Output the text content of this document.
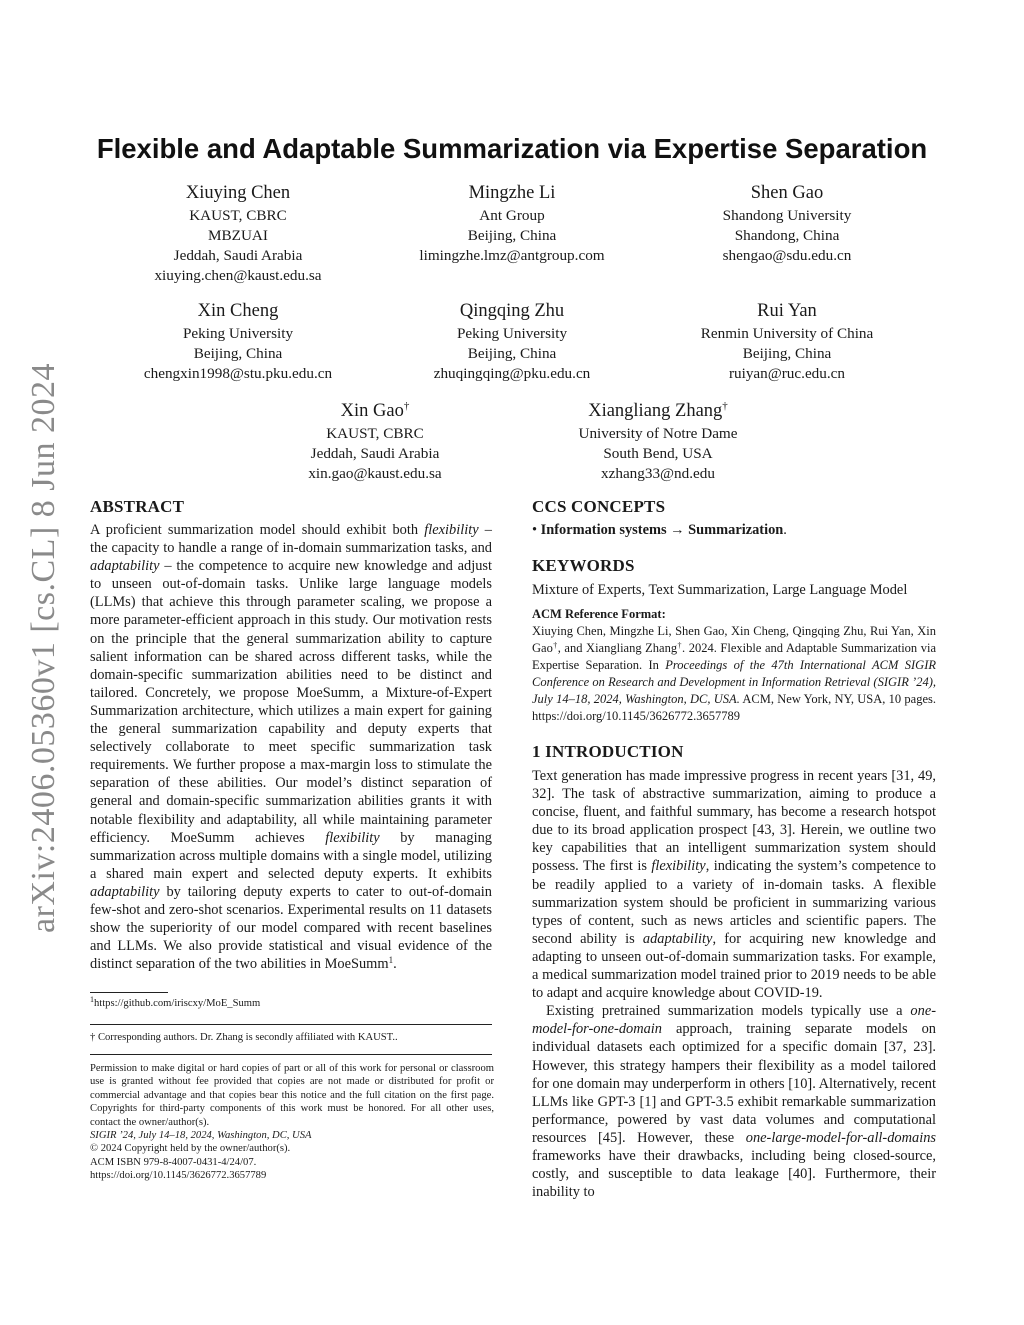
arXiv:2406.05360v1 [cs.CL] 8 Jun 2024
Flexible and Adaptable Summarization via Expertise Separation
Xiuying Chen
KAUST, CBRC
MBZUAI
Jeddah, Saudi Arabia
xiuying.chen@kaust.edu.sa
Mingzhe Li
Ant Group
Beijing, China
limingzhe.lmz@antgroup.com
Shen Gao
Shandong University
Shandong, China
shengao@sdu.edu.cn
Xin Cheng
Peking University
Beijing, China
chengxin1998@stu.pku.edu.cn
Qingqing Zhu
Peking University
Beijing, China
zhuqingqing@pku.edu.cn
Rui Yan
Renmin University of China
Beijing, China
ruiyan@ruc.edu.cn
Xin Gao†
KAUST, CBRC
Jeddah, Saudi Arabia
xin.gao@kaust.edu.sa
Xiangliang Zhang†
University of Notre Dame
South Bend, USA
xzhang33@nd.edu
ABSTRACT

A proficient summarization model should exhibit both flexibility – the capacity to handle a range of in-domain summarization tasks, and adaptability – the competence to acquire new knowledge and adjust to unseen out-of-domain tasks. Unlike large language models (LLMs) that achieve this through parameter scaling, we propose a more parameter-efficient approach in this study. Our motivation rests on the principle that the general summarization ability to capture salient information can be shared across different tasks, while the domain-specific summarization abilities need to be distinct and tailored. Concretely, we propose MoeSumm, a Mixture-of-Expert Summarization architecture, which utilizes a main expert for gaining the general summarization capability and deputy experts that selectively collaborate to meet specific summarization task requirements. We further propose a max-margin loss to stimulate the separation of these abilities. Our model’s distinct separation of general and domain-specific summarization abilities grants it with notable flexibility and adaptability, all while maintaining parameter efficiency. MoeSumm achieves flexibility by managing summarization across multiple domains with a single model, utilizing a shared main expert and selected deputy experts. It exhibits adaptability by tailoring deputy experts to cater to out-of-domain few-shot and zero-shot scenarios. Experimental results on 11 datasets show the superiority of our model compared with recent baselines and LLMs. We also provide statistical and visual evidence of the distinct separation of the two abilities in MoeSumm$^1$.

$^1$https://github.com/iriscxy/MoE_Summ
† Corresponding authors. Dr. Zhang is secondly affiliated with KAUST..
Permission to make digital or hard copies of part or all of this work for personal or classroom use is granted without fee provided that copies are not made or distributed for profit or commercial advantage and that copies bear this notice and the full citation on the first page. Copyrights for third-party components of this work must be honored. For all other uses, contact the owner/author(s).
SIGIR ’24, July 14–18, 2024, Washington, DC, USA
© 2024 Copyright held by the owner/author(s).
ACM ISBN 979-8-4007-0431-4/24/07.
https://doi.org/10.1145/3626772.3657789
CCS CONCEPTS

• Information systems → Summarization.

KEYWORDS
Mixture of Experts, Text Summarization, Large Language Model
ACM Reference Format:
Xiuying Chen, Mingzhe Li, Shen Gao, Xin Cheng, Qingqing Zhu, Rui Yan, Xin Gao†, and Xiangliang Zhang†. 2024. Flexible and Adaptable Summarization via Expertise Separation. In Proceedings of the 47th International ACM SIGIR Conference on Research and Development in Information Retrieval (SIGIR ’24), July 14–18, 2024, Washington, DC, USA. ACM, New York, NY, USA, 10 pages. https://doi.org/10.1145/3626772.3657789
1 INTRODUCTION

Text generation has made impressive progress in recent years [31, 49, 32]. The task of abstractive summarization, aiming to produce a concise, fluent, and faithful summary, has become a research hotspot due to its broad application prospect [43, 3]. Herein, we outline two key capabilities that an intelligent summarization system should possess. The first is flexibility, indicating the system’s competence to be readily applied to a variety of in-domain tasks. A flexible summarization system should be proficient in summarizing various types of content, such as news articles and scientific papers. The second ability is adaptability, for acquiring new knowledge and adapting to unseen out-of-domain summarization tasks. For example, a medical summarization model trained prior to 2019 needs to be able to adapt and acquire knowledge about COVID-19.

Existing pretrained summarization models typically use a one-model-for-one-domain approach, training separate models on individual datasets each optimized for a specific domain [37, 23]. However, this strategy hampers their flexibility as a model tailored for one domain may underperform in others [10]. Alternatively, recent LLMs like GPT-3 [1] and GPT-3.5 exhibit remarkable summarization performance, powered by vast data volumes and computational resources [45]. However, these one-large-model-for-all-domains frameworks have their drawbacks, including being closed-source, costly, and susceptible to data leakage [40]. Furthermore, their inability to
